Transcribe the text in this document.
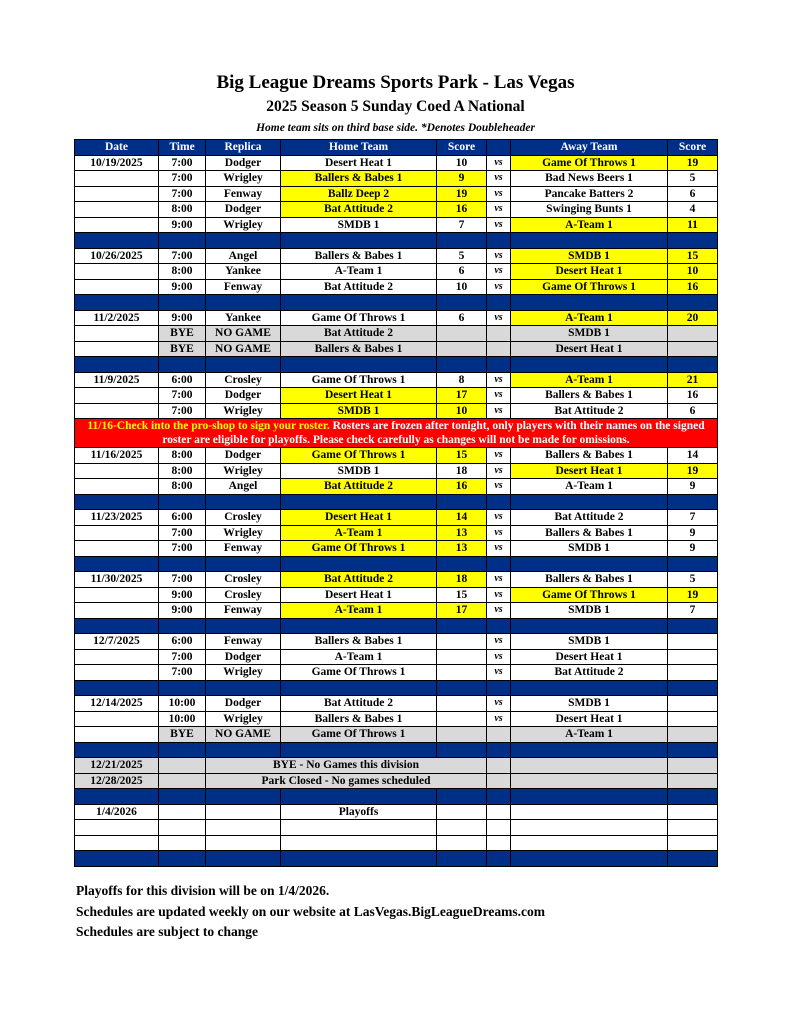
Big League Dreams Sports Park - Las Vegas
2025 Season 5 Sunday Coed A National
Home team sits on third base side. *Denotes Doubleheader
Date	Time	Replica	Home Team	Score		Away Team	Score
10/19/2025	7:00	Dodger	Desert Heat 1	10	vs	Game Of Throws 1	19
	7:00	Wrigley	Ballers & Babes 1	9	vs	Bad News Beers 1	5
	7:00	Fenway	Ballz Deep 2	19	vs	Pancake Batters 2	6
	8:00	Dodger	Bat Attitude 2	16	vs	Swinging Bunts 1	4
	9:00	Wrigley	SMDB 1	7	vs	A-Team 1	11

10/26/2025	7:00	Angel	Ballers & Babes 1	5	vs	SMDB 1	15
	8:00	Yankee	A-Team 1	6	vs	Desert Heat 1	10
	9:00	Fenway	Bat Attitude 2	10	vs	Game Of Throws 1	16

11/2/2025	9:00	Yankee	Game Of Throws 1	6	vs	A-Team 1	20
	BYE	NO GAME	Bat Attitude 2			SMDB 1	
	BYE	NO GAME	Ballers & Babes 1			Desert Heat 1	

11/9/2025	6:00	Crosley	Game Of Throws 1	8	vs	A-Team 1	21
	7:00	Dodger	Desert Heat 1	17	vs	Ballers & Babes 1	16
	7:00	Wrigley	SMDB 1	10	vs	Bat Attitude 2	6
11/16-Check into the pro-shop to sign your roster. Rosters are frozen after tonight, only players with their names on the signed roster are eligible for playoffs. Please check carefully as changes will not be made for omissions.							
11/16/2025	8:00	Dodger	Game Of Throws 1	15	vs	Ballers & Babes 1	14
	8:00	Wrigley	SMDB 1	18	vs	Desert Heat 1	19
	8:00	Angel	Bat Attitude 2	16	vs	A-Team 1	9

11/23/2025	6:00	Crosley	Desert Heat 1	14	vs	Bat Attitude 2	7
	7:00	Wrigley	A-Team 1	13	vs	Ballers & Babes 1	9
	7:00	Fenway	Game Of Throws 1	13	vs	SMDB 1	9

11/30/2025	7:00	Crosley	Bat Attitude 2	18	vs	Ballers & Babes 1	5
	9:00	Crosley	Desert Heat 1	15	vs	Game Of Throws 1	19
	9:00	Fenway	A-Team 1	17	vs	SMDB 1	7

12/7/2025	6:00	Fenway	Ballers & Babes 1		vs	SMDB 1	
	7:00	Dodger	A-Team 1		vs	Desert Heat 1	
	7:00	Wrigley	Game Of Throws 1		vs	Bat Attitude 2	

12/14/2025	10:00	Dodger	Bat Attitude 2		vs	SMDB 1	
	10:00	Wrigley	Ballers & Babes 1		vs	Desert Heat 1	
	BYE	NO GAME	Game Of Throws 1			A-Team 1	

12/21/2025		BYE - No Games this division					
12/28/2025		Park Closed - No games scheduled					

1/4/2026			Playoffs				

Playoffs for this division will be on 1/4/2026.
Schedules are updated weekly on our website at LasVegas.BigLeagueDreams.com
Schedules are subject to change
